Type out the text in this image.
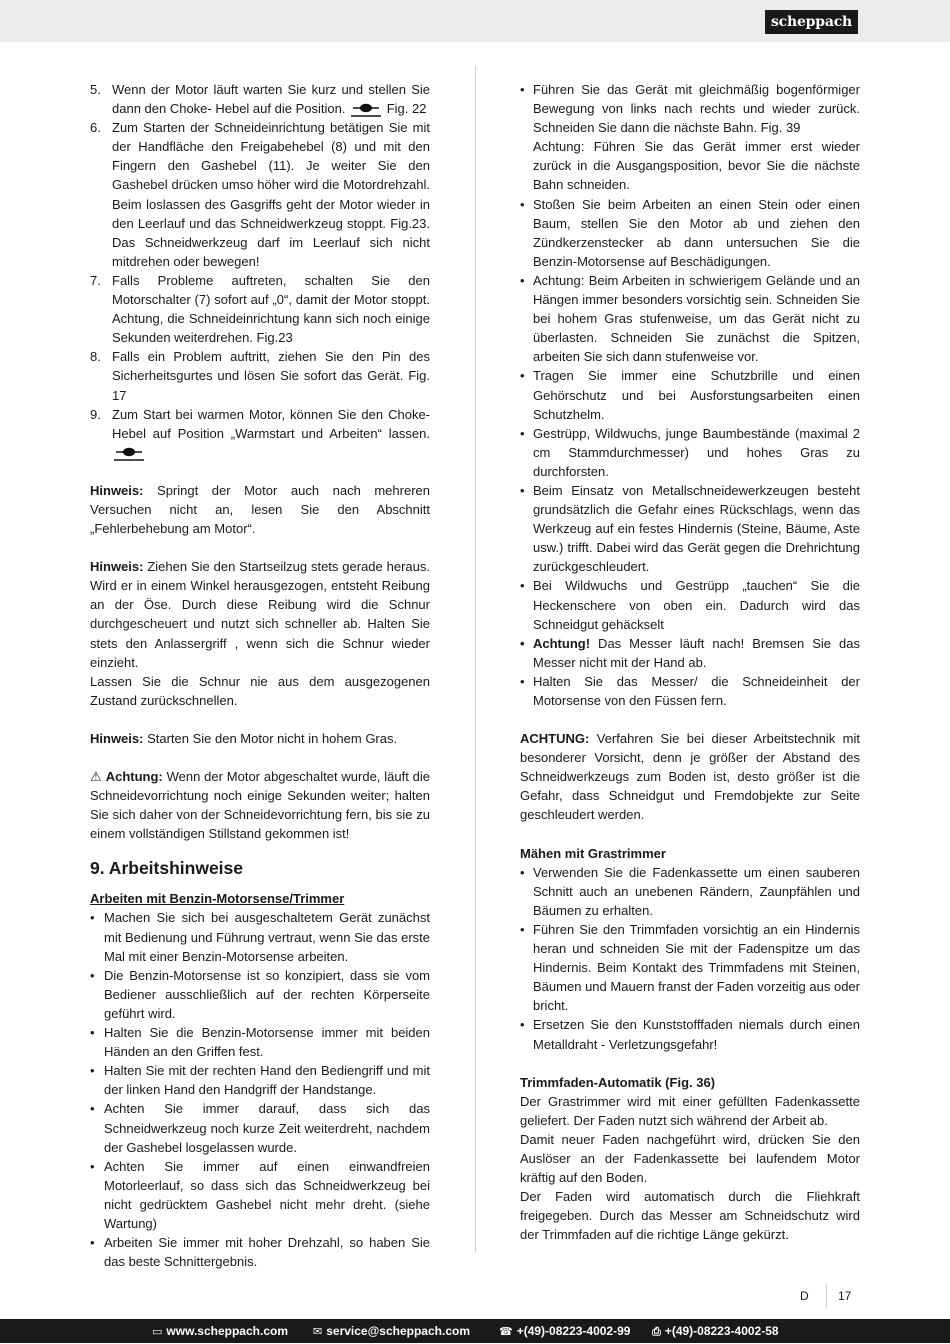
scheppach
5. Wenn der Motor läuft warten Sie kurz und stellen Sie dann den Choke- Hebel auf die Position.	Fig. 22
6. Zum Starten der Schneideinrichtung betätigen Sie mit der Handfläche den Freigabehebel (8) und mit den Fingern den Gashebel (11). Je weiter Sie den Gashebel drücken umso höher wird die Motordrehzahl. Beim loslassen des Gasgriffs geht der Motor wieder in den Leerlauf und das Schneidwerkzeug stoppt. Fig.23. Das Schneidwerkzeug darf im Leerlauf sich nicht mitdrehen oder bewegen!
7. Falls Probleme auftreten, schalten Sie den Motorschalter (7) sofort auf „0“, damit der Motor stoppt. Achtung, die Schneideinrichtung kann sich noch einige Sekunden weiterdrehen. Fig.23
8. Falls ein Problem auftritt, ziehen Sie den Pin des Sicherheitsgurtes und lösen Sie sofort das Gerät. Fig. 17
9. Zum Start bei warmen Motor, können Sie den Choke-Hebel auf Position „Warmstart und Arbeiten“ lassen.

Hinweis: Springt der Motor auch nach mehreren Versuchen nicht an, lesen Sie den Abschnitt „Fehlerbehebung am Motor“.

Hinweis: Ziehen Sie den Startseilzug stets gerade heraus. Wird er in einem Winkel herausgezogen, entsteht Reibung an der Öse. Durch diese Reibung wird die Schnur durchgescheuert und nutzt sich schneller ab. Halten Sie stets den Anlassergriff , wenn sich die Schnur wieder einzieht.

Lassen Sie die Schnur nie aus dem ausgezogenen Zustand zurückschnellen.

Hinweis: Starten Sie den Motor nicht in hohem Gras.

⚠ Achtung: Wenn der Motor abgeschaltet wurde, läuft die Schneidevorrichtung noch einige Sekunden weiter; halten Sie sich daher von der Schneidevorrichtung fern, bis sie zu einem vollständigen Stillstand gekommen ist!

9. Arbeitshinweise
Arbeiten mit Benzin-Motorsense/Trimmer
• Machen Sie sich bei ausgeschaltetem Gerät zunächst mit Bedienung und Führung vertraut, wenn Sie das erste Mal mit einer Benzin-Motorsense arbeiten.
• Die Benzin-Motorsense ist so konzipiert, dass sie vom Bediener ausschließlich auf der rechten Körperseite geführt wird.
• Halten Sie die Benzin-Motorsense immer mit beiden Händen an den Griffen fest.
• Halten Sie mit der rechten Hand den Bediengriff und mit der linken Hand den Handgriff der Handstange.
• Achten Sie immer darauf, dass sich das Schneidwerkzeug noch kurze Zeit weiterdreht, nachdem der Gashebel losgelassen wurde.
• Achten Sie immer auf einen einwandfreien Motorleerlauf, so dass sich das Schneidwerkzeug bei nicht gedrücktem Gashebel nicht mehr dreht. (siehe Wartung)
• Arbeiten Sie immer mit hoher Drehzahl, so haben Sie das beste Schnittergebnis.
• Führen Sie das Gerät mit gleichmäßig bogenförmiger Bewegung von links nach rechts und wieder zurück. Schneiden Sie dann die nächste Bahn. Fig. 39
Achtung: Führen Sie das Gerät immer erst wieder zurück in die Ausgangsposition, bevor Sie die nächste Bahn schneiden.
• Stoßen Sie beim Arbeiten an einen Stein oder einen Baum, stellen Sie den Motor ab und ziehen den Zündkerzenstecker ab dann untersuchen Sie die Benzin-Motorsense auf Beschädigungen.
• Achtung: Beim Arbeiten in schwierigem Gelände und an Hängen immer besonders vorsichtig sein. Schneiden Sie bei hohem Gras stufenweise, um das Gerät nicht zu überlasten. Schneiden Sie zunächst die Spitzen, arbeiten Sie sich dann stufenweise vor.
• Tragen Sie immer eine Schutzbrille und einen Gehörschutz und bei Ausforstungsarbeiten einen Schutzhelm.
• Gestrüpp, Wildwuchs, junge Baumbestände (maximal 2 cm Stammdurchmesser) und hohes Gras zu durchforsten.
• Beim Einsatz von Metallschneidewerkzeugen besteht grundsätzlich die Gefahr eines Rückschlags, wenn das Werkzeug auf ein festes Hindernis (Steine, Bäume, Aste usw.) trifft. Dabei wird das Gerät gegen die Drehrichtung zurückgeschleudert.
• Bei Wildwuchs und Gestrüpp „tauchen“ Sie die Heckenschere von oben ein. Dadurch wird das Schneidgut gehäckselt
• Achtung! Das Messer läuft nach! Bremsen Sie das Messer nicht mit der Hand ab.
• Halten Sie das Messer/ die Schneideinheit der Motorsense von den Füssen fern.

ACHTUNG: Verfahren Sie bei dieser Arbeitstechnik mit besonderer Vorsicht, denn je größer der Abstand des Schneidwerkzeugs zum Boden ist, desto größer ist die Gefahr, dass Schneidgut und Fremdobjekte zur Seite geschleudert werden.

Mähen mit Grastrimmer
• Verwenden Sie die Fadenkassette um einen sauberen Schnitt auch an unebenen Rändern, Zaunpfählen und Bäumen zu erhalten.
• Führen Sie den Trimmfaden vorsichtig an ein Hindernis heran und schneiden Sie mit der Fadenspitze um das Hindernis. Beim Kontakt des Trimmfadens mit Steinen, Bäumen und Mauern franst der Faden vorzeitig aus oder bricht.
• Ersetzen Sie den Kunststofffaden niemals durch einen Metalldraht - Verletzungsgefahr!
Trimmfaden-Automatik (Fig. 36)

Der Grastrimmer wird mit einer gefüllten Fadenkassette geliefert. Der Faden nutzt sich während der Arbeit ab.

Damit neuer Faden nachgeführt wird, drücken Sie den Auslöser an der Fadenkassette bei laufendem Motor kräftig auf den Boden.

Der Faden wird automatisch durch die Fliehkraft freigegeben. Durch das Messer am Schneidschutz wird der Trimmfaden auf die richtige Länge gekürzt.

D 17
▭ www.scheppach.com ✉ service@scheppach.com	☎ +(49)-08223-4002-99 ⎙ +(49)-08223-4002-58
